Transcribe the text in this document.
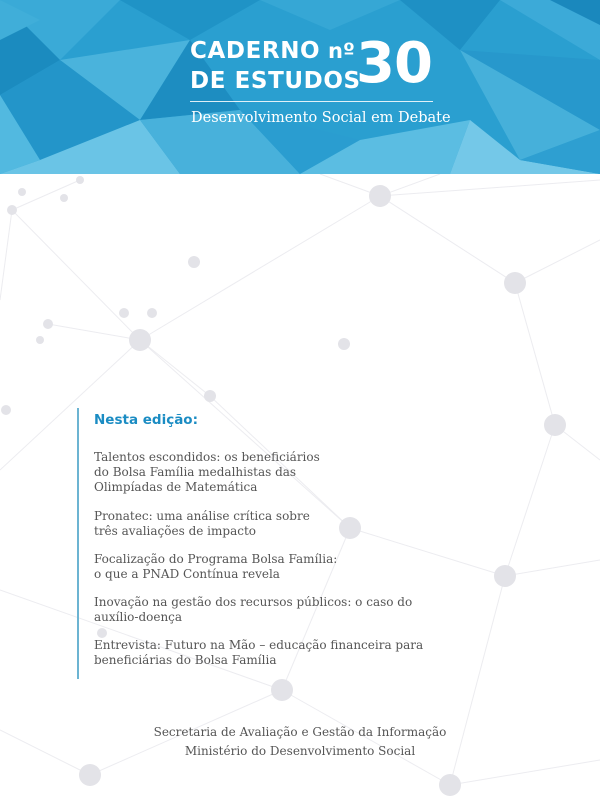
CADERNO
DE ESTUDOS
nº 30
Desenvolvimento Social em Debate
Nesta edição:
Talentos escondidos: os beneficiários
do Bolsa Família medalhistas das
Olimpíadas de Matemática
Pronatec: uma análise crítica sobre
três avaliações de impacto
Focalização do Programa Bolsa Família:
o que a PNAD Contínua revela
Inovação na gestão dos recursos públicos: o caso do
auxílio-doença
Entrevista: Futuro na Mão – educação financeira para
beneficiárias do Bolsa Família
Secretaria de Avaliação e Gestão da Informação
Ministério do Desenvolvimento Social
